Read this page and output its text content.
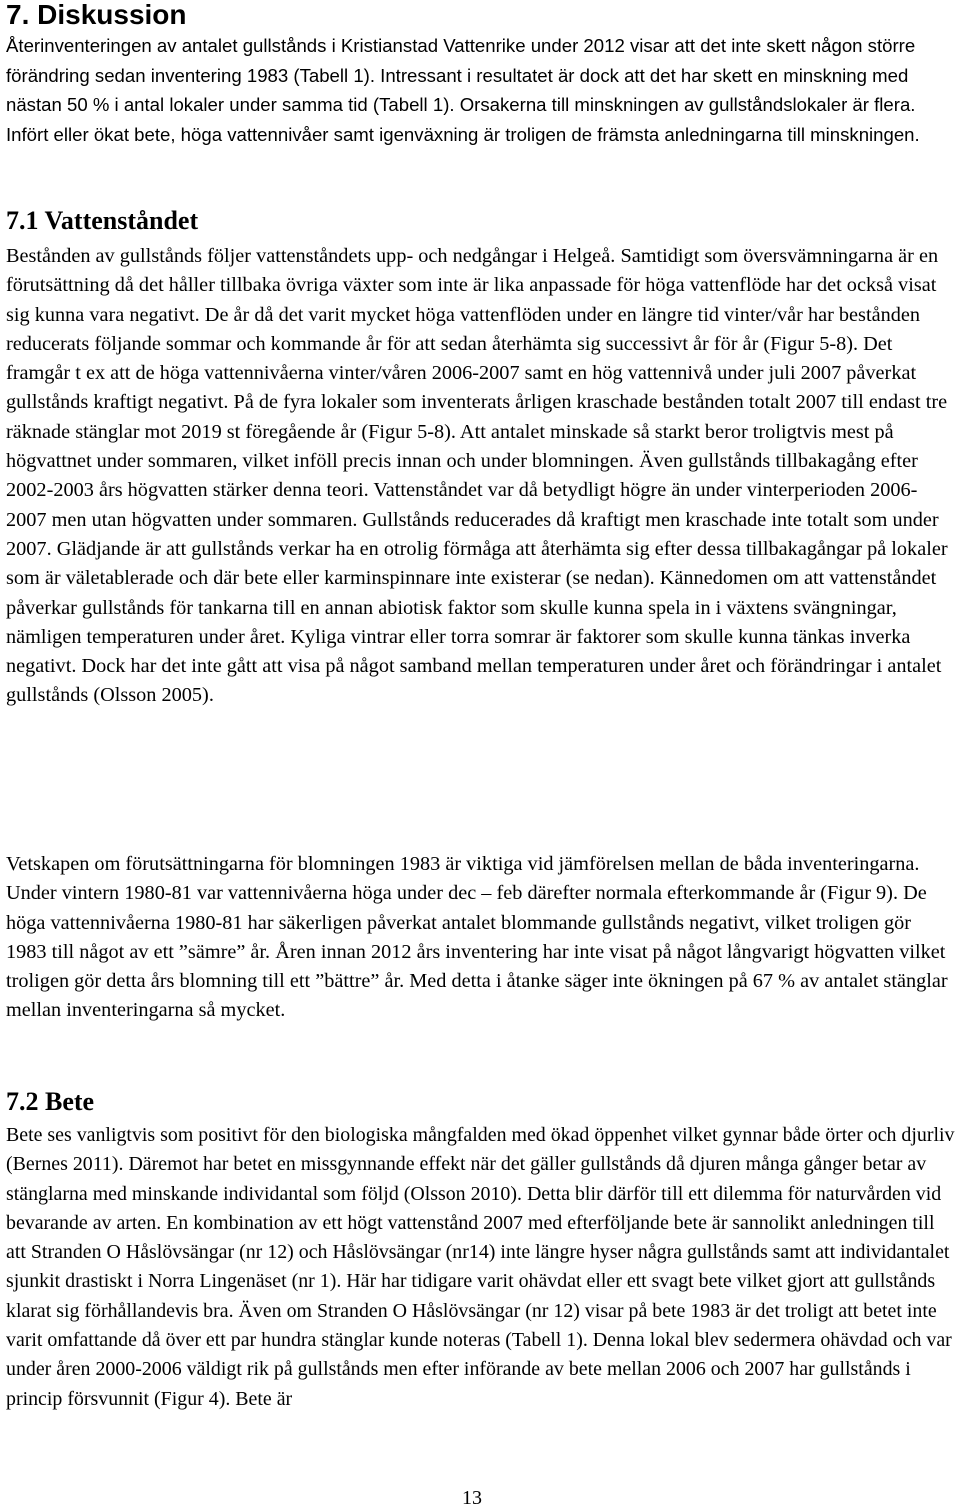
7. Diskussion

Återinventeringen av antalet gullstånds i Kristianstad Vattenrike under 2012 visar att det inte skett någon större förändring sedan inventering 1983 (Tabell 1). Intressant i resultatet är dock att det har skett en minskning med nästan 50 % i antal lokaler under samma tid (Tabell 1). Orsakerna till minskningen av gullståndslokaler är flera. Infört eller ökat bete, höga vattennivåer samt igenväxning är troligen de främsta anledningarna till minskningen.

7.1 Vattenståndet

Bestånden av gullstånds följer vattenståndets upp- och nedgångar i Helgeå. Samtidigt som översvämningarna är en förutsättning då det håller tillbaka övriga växter som inte är lika anpassade för höga vattenflöde har det också visat sig kunna vara negativt. De år då det varit mycket höga vattenflöden under en längre tid vinter/vår har bestånden reducerats följande sommar och kommande år för att sedan återhämta sig successivt år för år (Figur 5-8). Det framgår t ex att de höga vattennivåerna vinter/våren 2006-2007 samt en hög vattennivå under juli 2007 påverkat gullstånds kraftigt negativt. På de fyra lokaler som inventerats årligen kraschade bestånden totalt 2007 till endast tre räknade stänglar mot 2019 st föregående år (Figur 5-8). Att antalet minskade så starkt beror troligtvis mest på högvattnet under sommaren, vilket inföll precis innan och under blomningen. Även gullstånds tillbakagång efter 2002-2003 års högvatten stärker denna teori. Vattenståndet var då betydligt högre än under vinterperioden 2006-2007 men utan högvatten under sommaren. Gullstånds reducerades då kraftigt men kraschade inte totalt som under 2007. Glädjande är att gullstånds verkar ha en otrolig förmåga att återhämta sig efter dessa tillbakagångar på lokaler som är väletablerade och där bete eller karminspinnare inte existerar (se nedan). Kännedomen om att vattenståndet påverkar gullstånds för tankarna till en annan abiotisk faktor som skulle kunna spela in i växtens svängningar, nämligen temperaturen under året. Kyliga vintrar eller torra somrar är faktorer som skulle kunna tänkas inverka negativt. Dock har det inte gått att visa på något samband mellan temperaturen under året och förändringar i antalet gullstånds (Olsson 2005).

Vetskapen om förutsättningarna för blomningen 1983 är viktiga vid jämförelsen mellan de båda inventeringarna. Under vintern 1980-81 var vattennivåerna höga under dec – feb därefter normala efterkommande år (Figur 9). De höga vattennivåerna 1980-81 har säkerligen påverkat antalet blommande gullstånds negativt, vilket troligen gör 1983 till något av ett ”sämre” år. Åren innan 2012 års inventering har inte visat på något långvarigt högvatten vilket troligen gör detta års blomning till ett ”bättre” år. Med detta i åtanke säger inte ökningen på 67 % av antalet stänglar mellan inventeringarna så mycket.

7.2 Bete

Bete ses vanligtvis som positivt för den biologiska mångfalden med ökad öppenhet vilket gynnar både örter och djurliv (Bernes 2011). Däremot har betet en missgynnande effekt när det gäller gullstånds då djuren många gånger betar av stänglarna med minskande individantal som följd (Olsson 2010). Detta blir därför till ett dilemma för naturvården vid bevarande av arten. En kombination av ett högt vattenstånd 2007 med efterföljande bete är sannolikt anledningen till att Stranden O Håslövsängar (nr 12) och Håslövsängar (nr14) inte längre hyser några gullstånds samt att individantalet sjunkit drastiskt i Norra Lingenäset (nr 1). Här har tidigare varit ohävdat eller ett svagt bete vilket gjort att gullstånds klarat sig förhållandevis bra. Även om Stranden O Håslövsängar (nr 12) visar på bete 1983 är det troligt att betet inte varit omfattande då över ett par hundra stänglar kunde noteras (Tabell 1). Denna lokal blev sedermera ohävdad och var under åren 2000-2006 väldigt rik på gullstånds men efter införande av bete mellan 2006 och 2007 har gullstånds i princip försvunnit (Figur 4). Bete är

13
